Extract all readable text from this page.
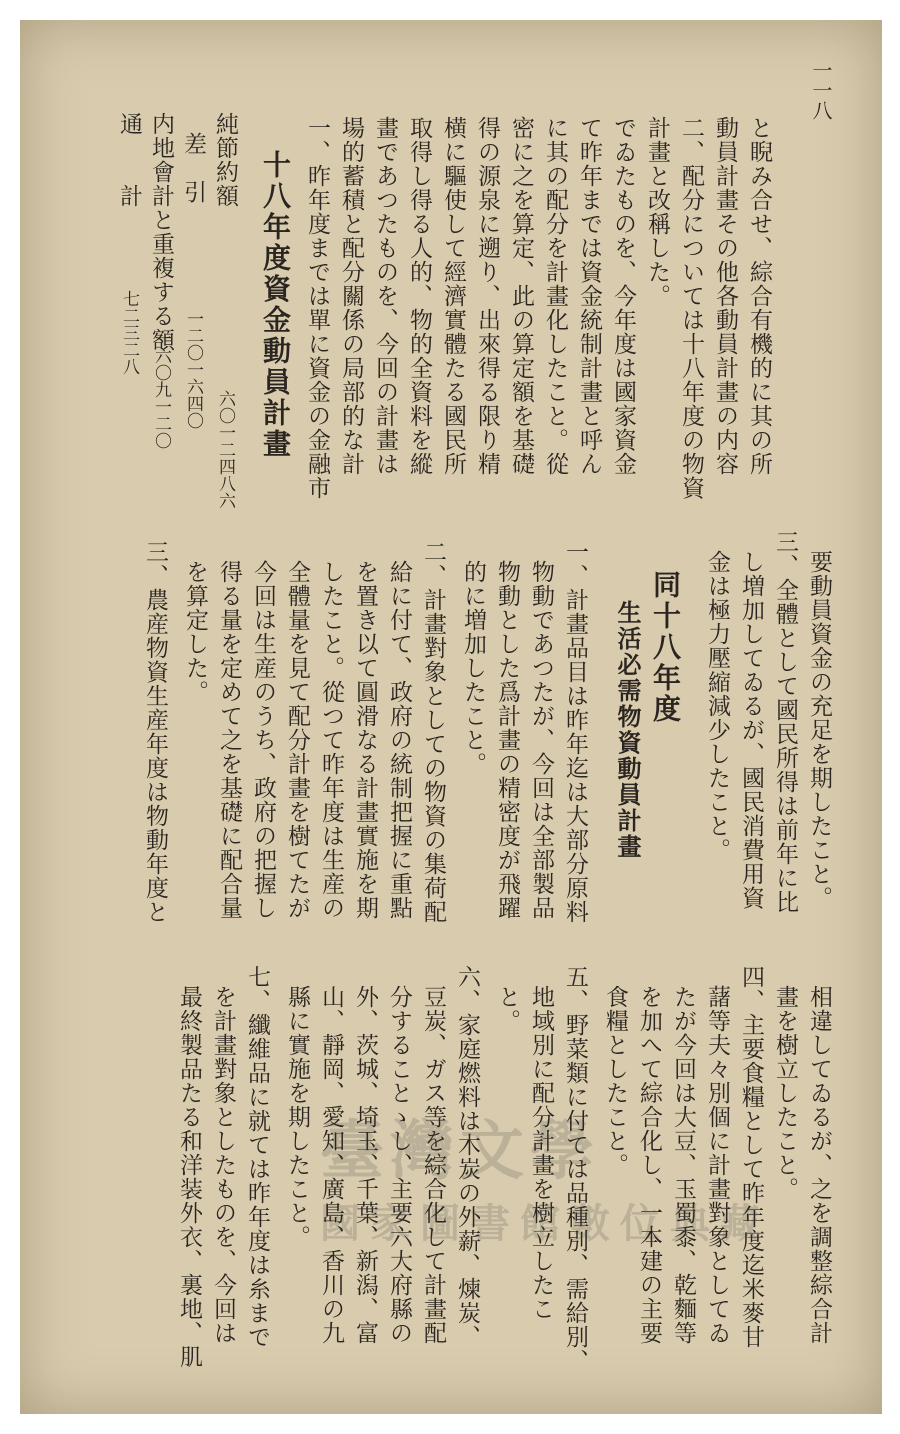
一一八
通　　計
七二三二八 内地會計と重複する額
一六〇九一二〇
差　引
一二〇一六四〇
純節約額
六〇一二四八六 十八年度資金動員計畫 一、昨年度までは單に資金の金融市 場的蓄積と配分關係の局部的な計 畫であつたものを、今回の計畫は 取得し得る人的、物的全資料を縱 横に驅使して經濟實體たる國民所 得の源泉に遡り、出來得る限り精 密に之を算定、此の算定額を基礎 に其の配分を計畫化したこと。從 て昨年までは資金統制計畫と呼ん でゐたものを、今年度は國家資金 計畫と改稱した。 二、配分については十八年度の物資 動員計畫その他各動員計畫の内容 と睨み合せ、綜合有機的に其の所
要動員資金の充足を期したこと。
三、全體として國民所得は前年に比
し増加してゐるが、國民消費用資
金は極力壓縮減少したこと。
同十八年度
生活必需物資動員計畫
一、計畫品目は昨年迄は大部分原料
物動であつたが、今回は全部製品
物動とした爲計畫の精密度が飛躍
的に増加したこと。
二、計畫對象としての物資の集荷配
給に付て、政府の統制把握に重點
を置き以て圓滑なる計畫實施を期
したこと。從つて昨年度は生産の
全體量を見て配分計畫を樹てたが
今回は生産のうち、政府の把握し
得る量を定めて之を基礎に配合量
を算定した。
三、農産物資生産年度は物動年度と
相違してゐるが、之を調整綜合計
畫を樹立したこと。
四、主要食糧として昨年度迄米麥甘
藷等夫々別個に計畫對象としてゐ
たが今回は大豆、玉蜀黍、乾麵等
を加へて綜合化し、一本建の主要
食糧としたこと。
五、野菜類に付ては品種別、需給別、
地域別に配分計畫を樹立したこ
と。
六、家庭燃料は木炭の外薪、煉炭、
豆炭、ガス等を綜合化して計畫配
分することゝし、主要六大府縣の
外、茨城、埼玉、千葉、新潟、富
山、靜岡、愛知、廣島、香川の九
縣に實施を期したこと。
七、纖維品に就ては昨年度は糸まで
を計畫對象としたものを、今回は
最終製品たる和洋装外衣、裏地、肌 臺灣文學
國家圖書館數位典藏
